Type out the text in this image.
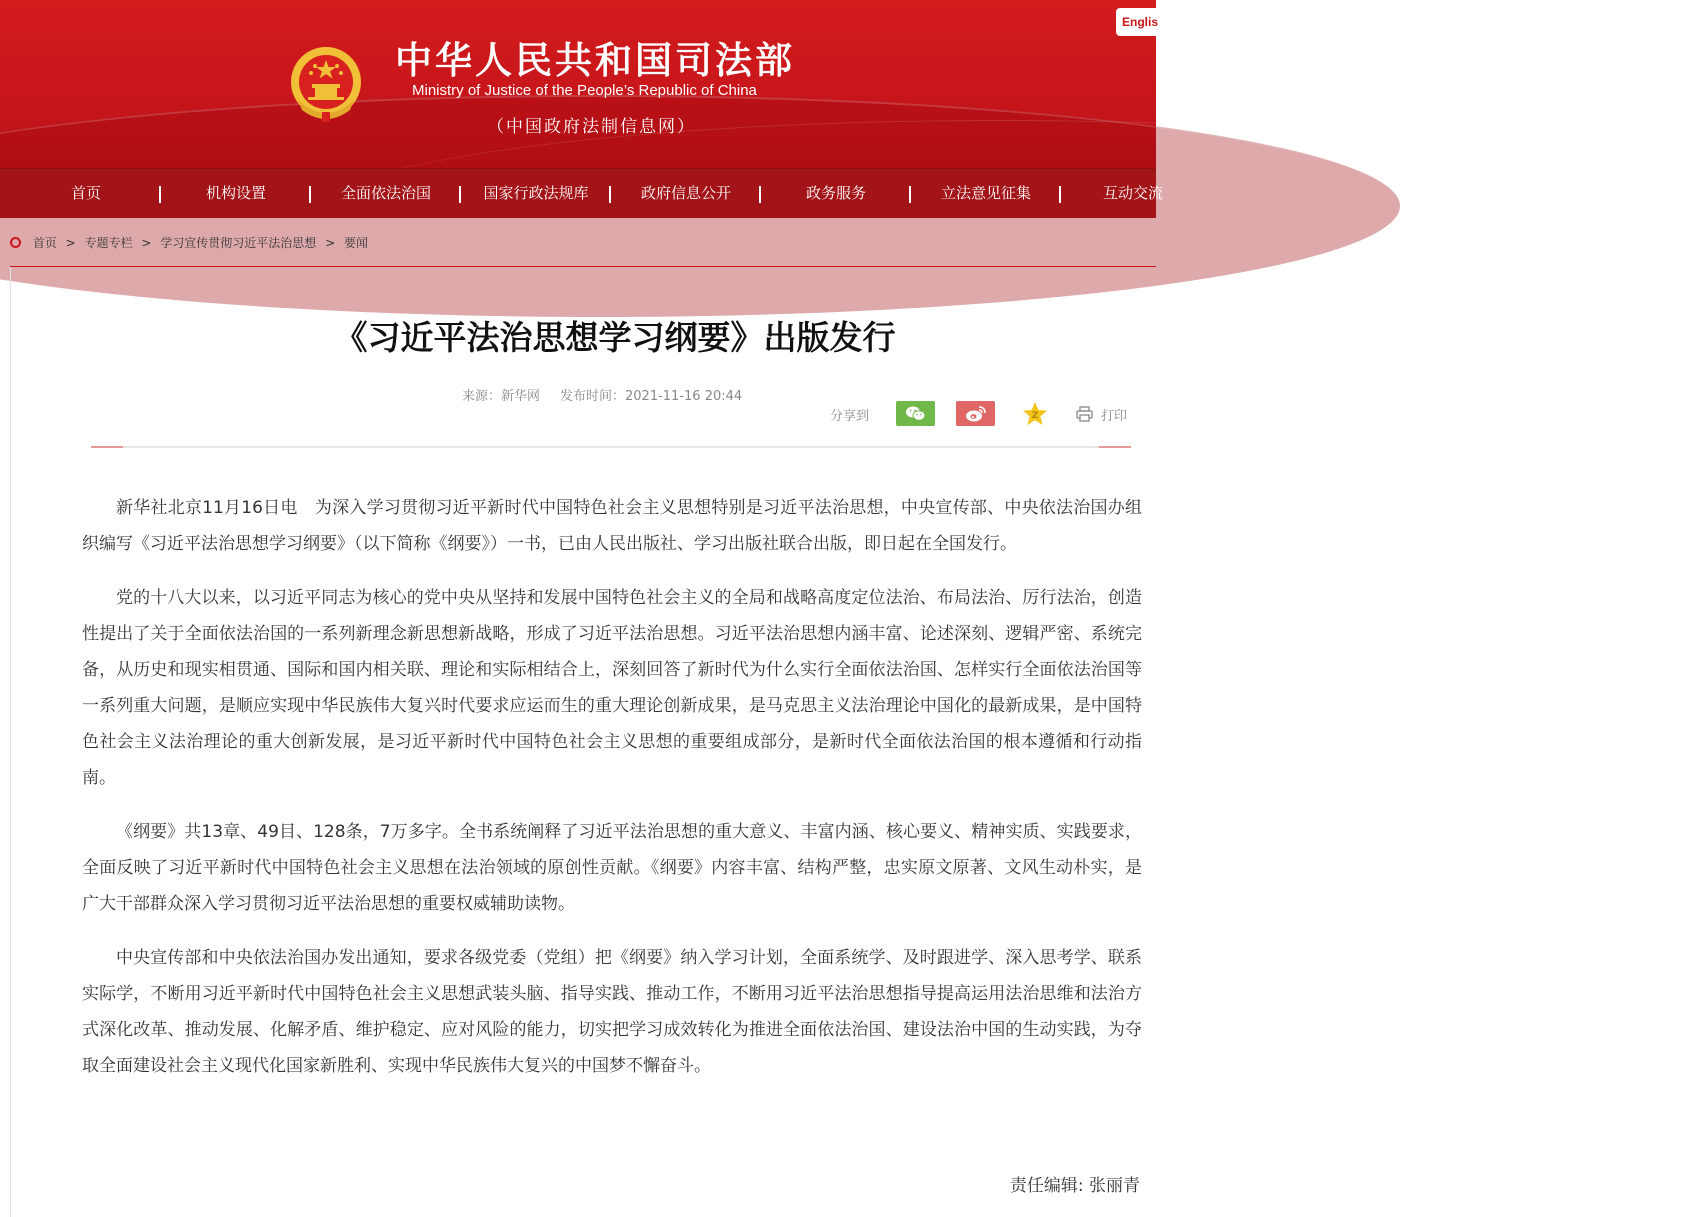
中华人民共和国司法部
Ministry of Justice of the People’s Republic of China
（中国政府法制信息网）
Englis
首页	机构设置	全面依法治国	国家行政法规库	政府信息公开	政务服务	立法意见征集	互动交流
首页 > 专题专栏 > 学习宣传贯彻习近平法治思想 > 要闻
《习近平法治思想学习纲要》出版发行
来源：新华网 发布时间：2021-11-16 20:44
分享到	Z	打印

新华社北京11月16日电　为深入学习贯彻习近平新时代中国特色社会主义思想特别是习近平法治思想，中央宣传部、中央依法治国办组织编写《习近平法治思想学习纲要》（以下简称《纲要》）一书，已由人民出版社、学习出版社联合出版，即日起在全国发行。

党的十八大以来，以习近平同志为核心的党中央从坚持和发展中国特色社会主义的全局和战略高度定位法治、布局法治、厉行法治，创造性提出了关于全面依法治国的一系列新理念新思想新战略，形成了习近平法治思想。习近平法治思想内涵丰富、论述深刻、逻辑严密、系统完备，从历史和现实相贯通、国际和国内相关联、理论和实际相结合上，深刻回答了新时代为什么实行全面依法治国、怎样实行全面依法治国等一系列重大问题，是顺应实现中华民族伟大复兴时代要求应运而生的重大理论创新成果，是马克思主义法治理论中国化的最新成果，是中国特色社会主义法治理论的重大创新发展，是习近平新时代中国特色社会主义思想的重要组成部分，是新时代全面依法治国的根本遵循和行动指南。

《纲要》共13章、49目、128条，7万多字。全书系统阐释了习近平法治思想的重大意义、丰富内涵、核心要义、精神实质、实践要求，全面反映了习近平新时代中国特色社会主义思想在法治领域的原创性贡献。《纲要》内容丰富、结构严整，忠实原文原著、文风生动朴实，是广大干部群众深入学习贯彻习近平法治思想的重要权威辅助读物。

中央宣传部和中央依法治国办发出通知，要求各级党委（党组）把《纲要》纳入学习计划，全面系统学、及时跟进学、深入思考学、联系实际学，不断用习近平新时代中国特色社会主义思想武装头脑、指导实践、推动工作，不断用习近平法治思想指导提高运用法治思维和法治方式深化改革、推动发展、化解矛盾、维护稳定、应对风险的能力，切实把学习成效转化为推进全面依法治国、建设法治中国的生动实践，为夺取全面建设社会主义现代化国家新胜利、实现中华民族伟大复兴的中国梦不懈奋斗。

责任编辑: 张丽青
